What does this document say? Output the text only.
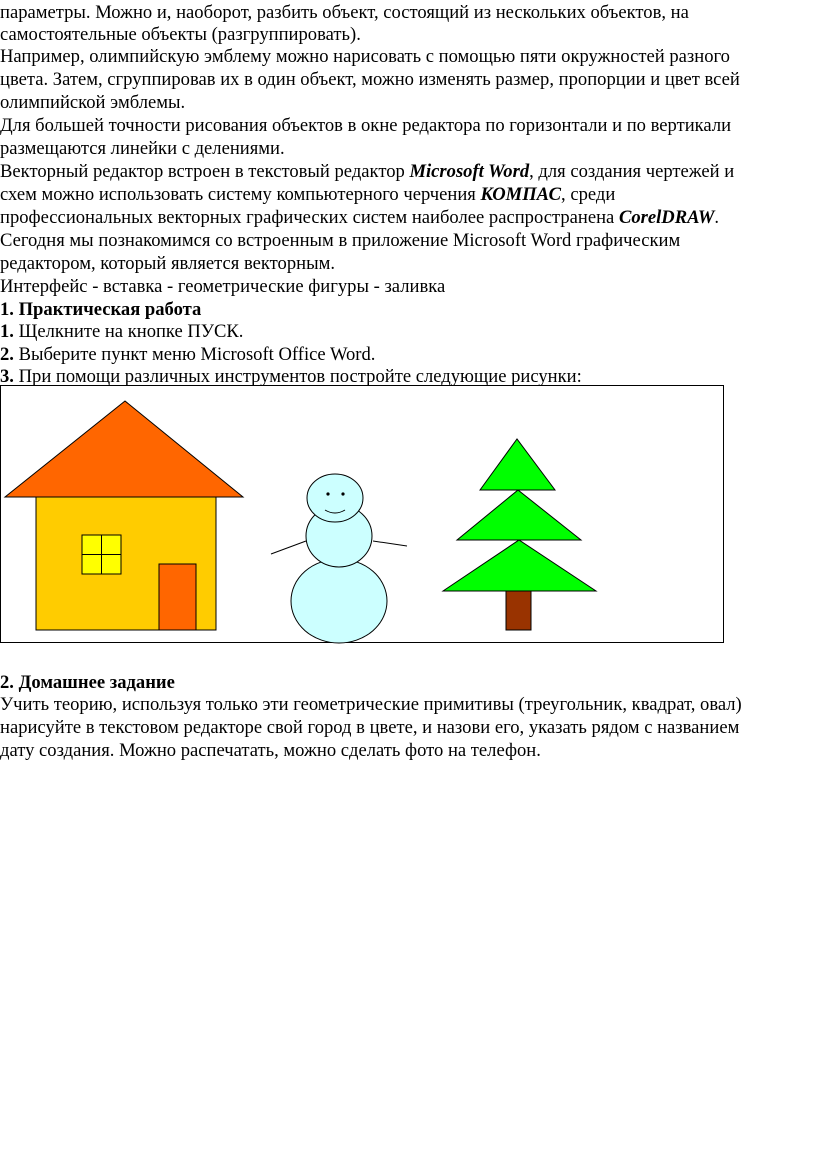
параметры. Можно и, наоборот, разбить объект, состоящий из нескольких объектов, на
самостоятельные объекты (разгруппировать).
Например, олимпийскую эмблему можно нарисовать с помощью пяти окружностей разного
цвета. Затем, сгруппировав их в один объект, можно изменять размер, пропорции и цвет всей
олимпийской эмблемы.
Для большей точности рисования объектов в окне редактора по горизонтали и по вертикали
размещаются линейки с делениями.
Векторный редактор встроен в текстовый редактор Microsoft Word, для создания чертежей и
схем можно использовать систему компьютерного черчения КОМПАС, среди
профессиональных векторных графических систем наиболее распространена CorelDRAW.
Сегодня мы познакомимся со встроенным в приложение Microsoft Word графическим
редактором, который является векторным.
Интерфейс - вставка - геометрические фигуры - заливка
1. Практическая работа
1. Щелкните на кнопке ПУСК.
2. Выберите пункт меню Microsoft Office Word.
3. При помощи различных инструментов постройте следующие рисунки:
2. Домашнее задание
Учить теорию, используя только эти геометрические примитивы (треугольник, квадрат, овал)
нарисуйте в текстовом редакторе свой город в цвете, и назови его, указать рядом с названием
дату создания. Можно распечатать, можно сделать фото на телефон.
